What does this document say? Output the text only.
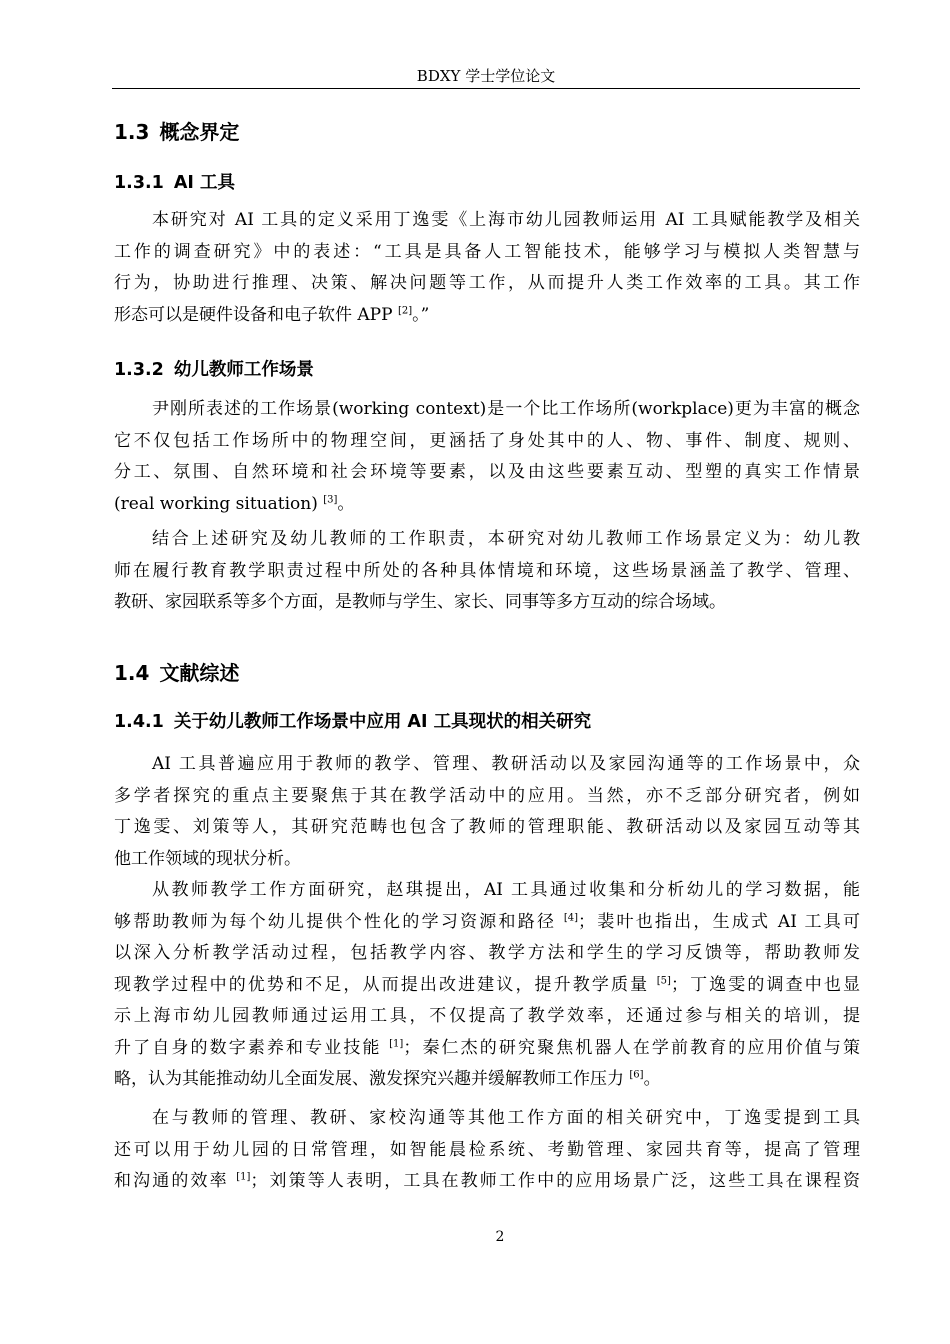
BDXY 学士学位论文
1.3 概念界定
1.3.1 AI 工具
本研究对 AI 工具的定义采用丁逸雯《上海市幼儿园教师运用 AI 工具赋能教学及相关
工作的调查研究》中的表述：“工具是具备人工智能技术，能够学习与模拟人类智慧与
行为，协助进行推理、决策、解决问题等工作，从而提升人类工作效率的工具。其工作
形态可以是硬件设备和电子软件 APP [2]。”
1.3.2 幼儿教师工作场景
尹刚所表述的工作场景(working context)是一个比工作场所(workplace)更为丰富的概念
它不仅包括工作场所中的物理空间，更涵括了身处其中的人、物、事件、制度、规则、
分工、氛围、自然环境和社会环境等要素，以及由这些要素互动、型塑的真实工作情景
(real working situation) [3]。
结合上述研究及幼儿教师的工作职责，本研究对幼儿教师工作场景定义为：幼儿教
师在履行教育教学职责过程中所处的各种具体情境和环境，这些场景涵盖了教学、管理、
教研、家园联系等多个方面，是教师与学生、家长、同事等多方互动的综合场域。
1.4 文献综述
1.4.1 关于幼儿教师工作场景中应用 AI 工具现状的相关研究
AI 工具普遍应用于教师的教学、管理、教研活动以及家园沟通等的工作场景中，众
多学者探究的重点主要聚焦于其在教学活动中的应用。当然，亦不乏部分研究者，例如
丁逸雯、刘策等人，其研究范畴也包含了教师的管理职能、教研活动以及家园互动等其
他工作领域的现状分析。
从教师教学工作方面研究，赵琪提出，AI 工具通过收集和分析幼儿的学习数据，能
够帮助教师为每个幼儿提供个性化的学习资源和路径 [4]；裴叶也指出，生成式 AI 工具可
以深入分析教学活动过程，包括教学内容、教学方法和学生的学习反馈等，帮助教师发
现教学过程中的优势和不足，从而提出改进建议，提升教学质量 [5]；丁逸雯的调查中也显
示上海市幼儿园教师通过运用工具，不仅提高了教学效率，还通过参与相关的培训，提
升了自身的数字素养和专业技能 [1]；秦仁杰的研究聚焦机器人在学前教育的应用价值与策
略，认为其能推动幼儿全面发展、激发探究兴趣并缓解教师工作压力 [6]。
在与教师的管理、教研、家校沟通等其他工作方面的相关研究中，丁逸雯提到工具
还可以用于幼儿园的日常管理，如智能晨检系统、考勤管理、家园共育等，提高了管理
和沟通的效率 [1]；刘策等人表明，工具在教师工作中的应用场景广泛，这些工具在课程资
2
